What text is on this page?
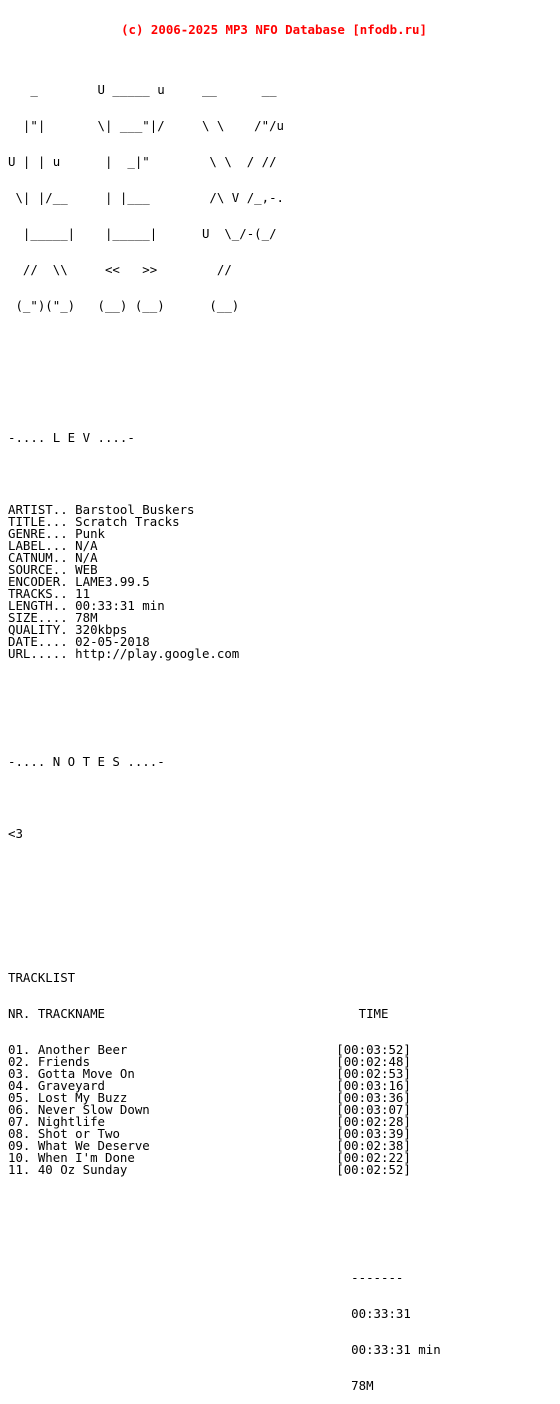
(c) 2006-2025 MP3 NFO Database [nfodb.ru]

_        U _____ u     __      __

|"|       \| ___"|/     \ \    /"/u

U | | u      |  _|"        \ \  / //

\| |/__     | |___        /\ V /_,-.

|_____|    |_____|      U  \_/-(_/

//  \\     <<   >>        //

(_")("_)   (__) (__)      (__)

-.... L E V ....-

ARTIST.. Barstool Buskers
TITLE... Scratch Tracks
GENRE... Punk
LABEL... N/A
CATNUM.. N/A
SOURCE.. WEB
ENCODER. LAME3.99.5
TRACKS.. 11
LENGTH.. 00:33:31 min
SIZE.... 78M
QUALITY. 320kbps
DATE.... 02-05-2018
URL..... http://play.google.com

-.... N O T E S ....-

<3

TRACKLIST

NR. TRACKNAME	TIME

01. Another Beer	[00:03:52]
02. Friends	[00:02:48]
03. Gotta Move On	[00:02:53]
04. Graveyard	[00:03:16]
05. Lost My Buzz	[00:03:36]
06. Never Slow Down	[00:03:07]
07. Nightlife	[00:02:28]
08. Shot or Two	[00:03:39]
09. What We Deserve	[00:02:38]
10. When I'm Done	[00:02:22]
11. 40 Oz Sunday	[00:02:52]

-------

00:33:31

00:33:31 min

78M
